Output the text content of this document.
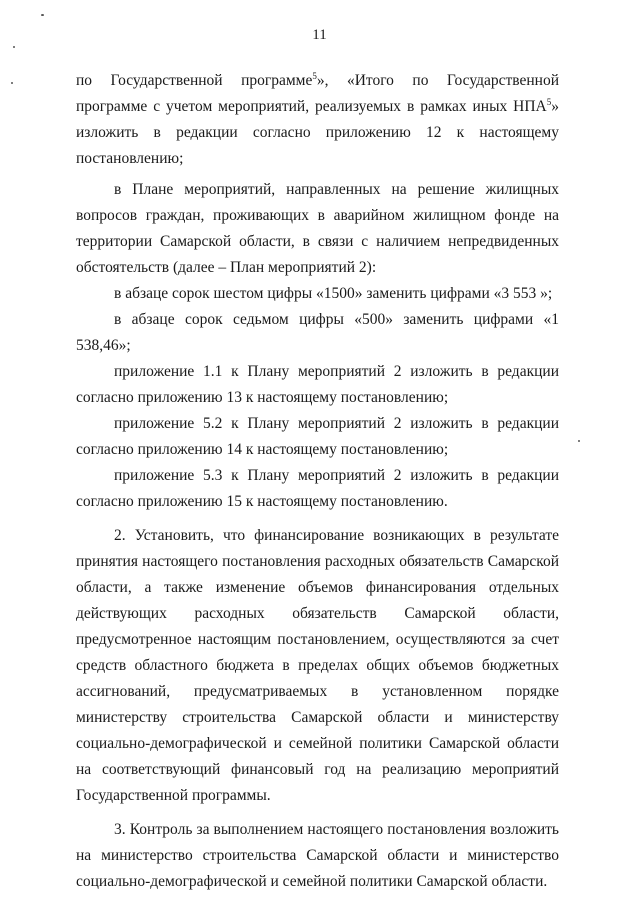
11

по Государственной программе$^5$», «Итого по Государственной программе с учетом мероприятий, реализуемых в рамках иных НПА$^5$» изложить в редакции согласно приложению 12 к настоящему постановлению;

в Плане мероприятий, направленных на решение жилищных вопросов граждан, проживающих в аварийном жилищном фонде на территории Самарской области, в связи с наличием непредвиденных обстоятельств (далее – План мероприятий 2):

в абзаце сорок шестом цифры «1500» заменить цифрами «3 553 »;

в абзаце сорок седьмом цифры «500» заменить цифрами «1 538,46»;

приложение 1.1 к Плану мероприятий 2 изложить в редакции согласно приложению 13 к настоящему постановлению;

приложение 5.2 к Плану мероприятий 2 изложить в редакции согласно приложению 14 к настоящему постановлению;

приложение 5.3 к Плану мероприятий 2 изложить в редакции согласно приложению 15 к настоящему постановлению.

2. Установить, что финансирование возникающих в результате принятия настоящего постановления расходных обязательств Самарской области, а также изменение объемов финансирования отдельных действующих расходных обязательств Самарской области, предусмотренное настоящим постановлением, осуществляются за счет средств областного бюджета в пределах общих объемов бюджетных ассигнований, предусматриваемых в установленном порядке министерству строительства Самарской области и министерству социально-демографической и семейной политики Самарской области на соответствующий финансовый год на реализацию мероприятий Государственной программы.

3. Контроль за выполнением настоящего постановления возложить на министерство строительства Самарской области и министерство социально-демографической и семейной политики Самарской области.
